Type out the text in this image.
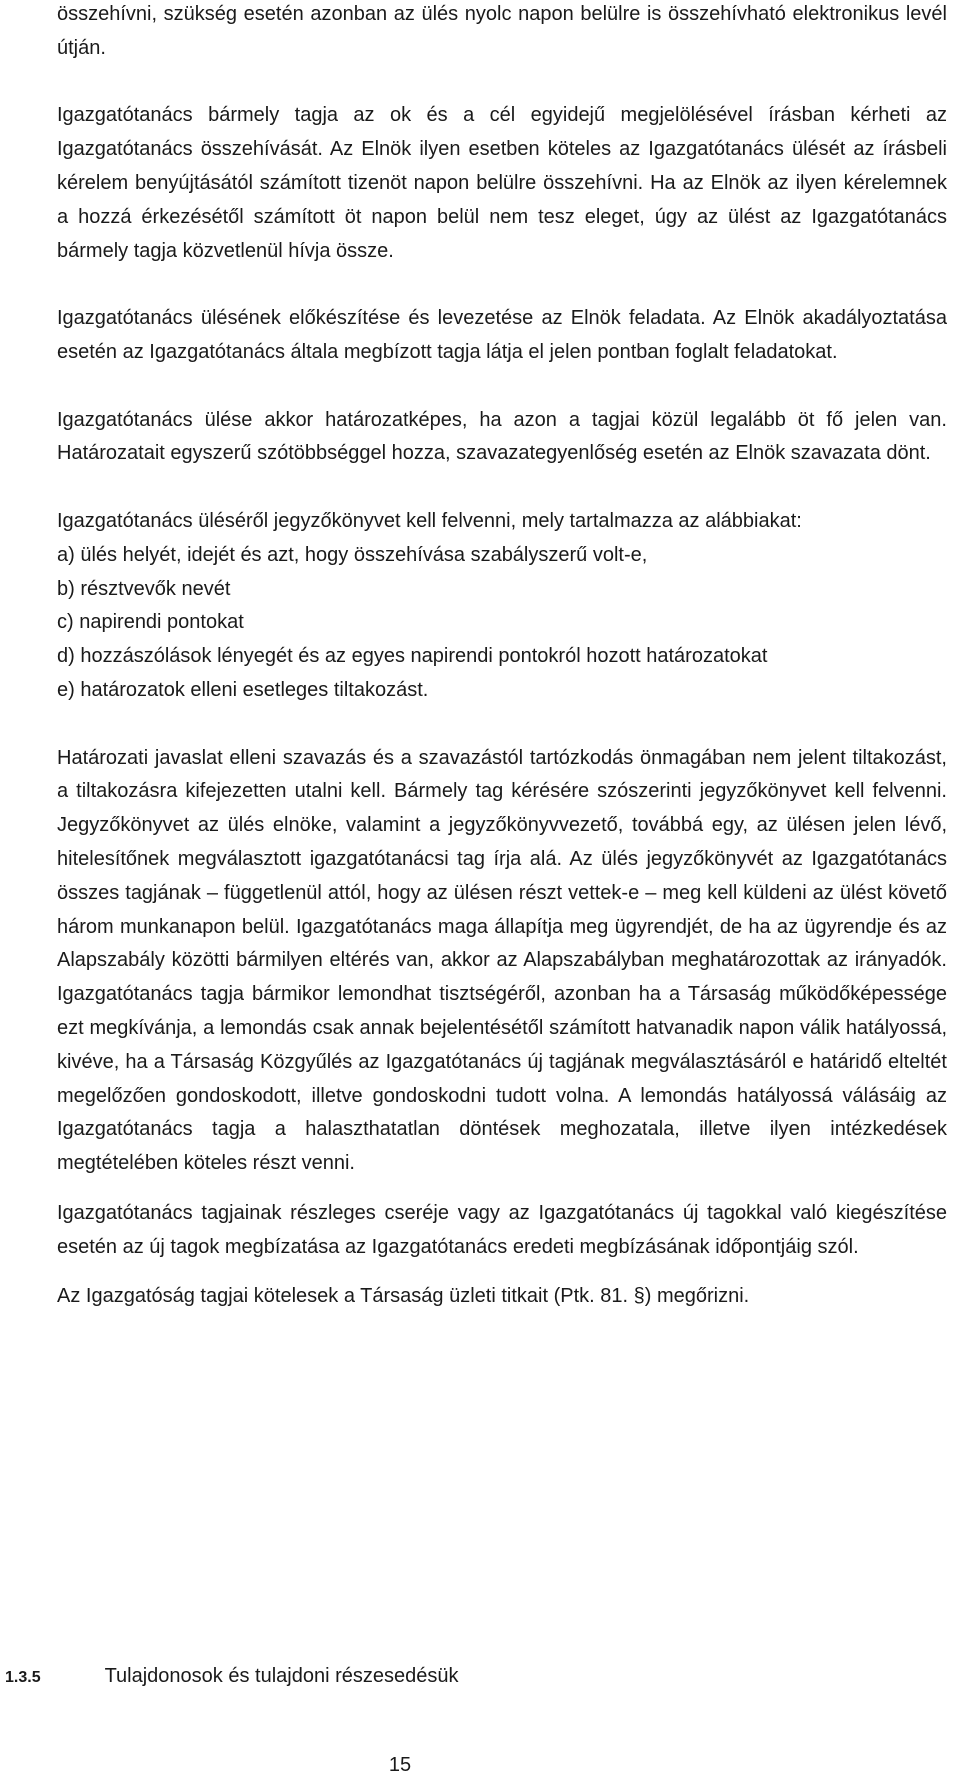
összehívni, szükség esetén azonban az ülés nyolc napon belülre is összehívható elektronikus levél útján.

Igazgatótanács bármely tagja az ok és a cél egyidejű megjelölésével írásban kérheti az Igazgatótanács összehívását. Az Elnök ilyen esetben köteles az Igazgatótanács ülését az írásbeli kérelem benyújtásától számított tizenöt napon belülre összehívni. Ha az Elnök az ilyen kérelemnek a hozzá érkezésétől számított öt napon belül nem tesz eleget, úgy az ülést az Igazgatótanács bármely tagja közvetlenül hívja össze.

Igazgatótanács ülésének előkészítése és levezetése az Elnök feladata. Az Elnök akadályoztatása esetén az Igazgatótanács általa megbízott tagja látja el jelen pontban foglalt feladatokat.

Igazgatótanács ülése akkor határozatképes, ha azon a tagjai közül legalább öt fő jelen van. Határozatait egyszerű szótöbbséggel hozza, szavazategyenlőség esetén az Elnök szavazata dönt.

Igazgatótanács üléséről jegyzőkönyvet kell felvenni, mely tartalmazza az alábbiakat:

a) ülés helyét, idejét és azt, hogy összehívása szabályszerű volt-e,
b) résztvevők nevét
c) napirendi pontokat
d) hozzászólások lényegét és az egyes napirendi pontokról hozott határozatokat
e) határozatok elleni esetleges tiltakozást.

Határozati javaslat elleni szavazás és a szavazástól tartózkodás önmagában nem jelent tiltakozást, a tiltakozásra kifejezetten utalni kell. Bármely tag kérésére szószerinti jegyzőkönyvet kell felvenni. Jegyzőkönyvet az ülés elnöke, valamint a jegyzőkönyvvezető, továbbá egy, az ülésen jelen lévő, hitelesítőnek megválasztott igazgatótanácsi tag írja alá. Az ülés jegyzőkönyvét az Igazgatótanács összes tagjának – függetlenül attól, hogy az ülésen részt vettek-e – meg kell küldeni az ülést követő három munkanapon belül. Igazgatótanács maga állapítja meg ügyrendjét, de ha az ügyrendje és az Alapszabály közötti bármilyen eltérés van, akkor az Alapszabályban meghatározottak az irányadók. Igazgatótanács tagja bármikor lemondhat tisztségéről, azonban ha a Társaság működőképessége ezt megkívánja, a lemondás csak annak bejelentésétől számított hatvanadik napon válik hatályossá, kivéve, ha a Társaság Közgyűlés az Igazgatótanács új tagjának megválasztásáról e határidő elteltét megelőzően gondoskodott, illetve gondoskodni tudott volna. A lemondás hatályossá válásáig az Igazgatótanács tagja a halaszthatatlan döntések meghozatala, illetve ilyen intézkedések megtételében köteles részt venni.

Igazgatótanács tagjainak részleges cseréje vagy az Igazgatótanács új tagokkal való kiegészítése esetén az új tagok megbízatása az Igazgatótanács eredeti megbízásának időpontjáig szól.

Az Igazgatóság tagjai kötelesek a Társaság üzleti titkait (Ptk. 81. §) megőrizni.

1.3.5	Tulajdonosok és tulajdoni részesedésük
15
